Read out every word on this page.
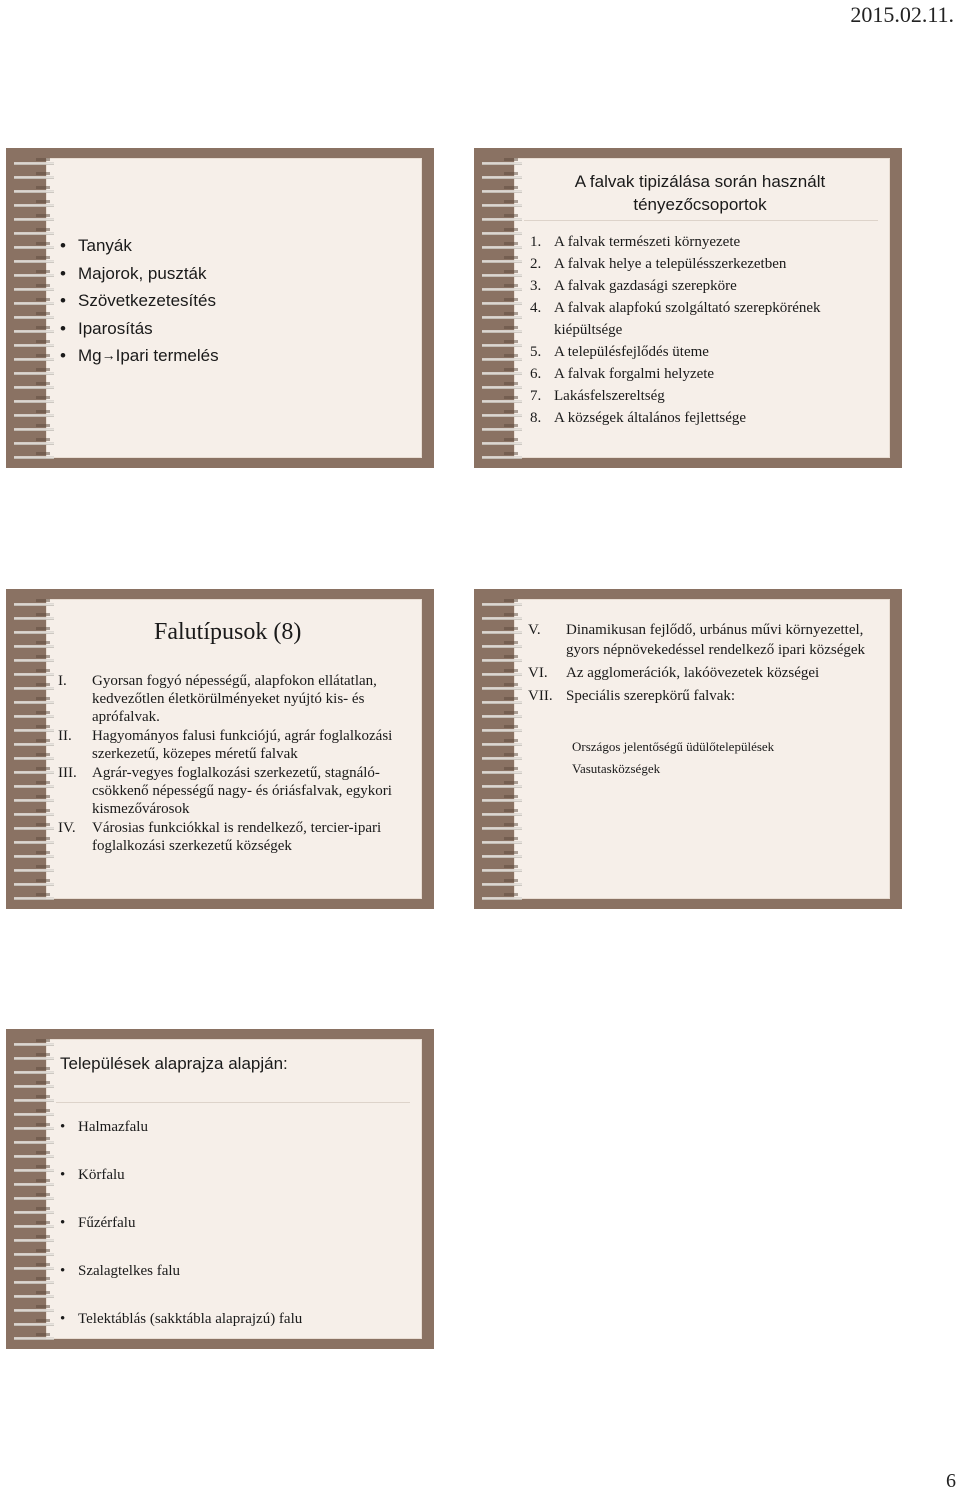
2015.02.11.
• Tanyák
• Majorok, puszták
• Szövetkezetesítés
• Iparosítás
• Mg→Ipari termelés
A falvak tipizálása során használt
tényezőcsoportok
1. A falvak természeti környezete
2. A falvak helye a településszerkezetben
3. A falvak gazdasági szerepköre
4. A falvak alapfokú szolgáltató szerepkörének kiépültsége
5. A településfejlődés üteme
6. A falvak forgalmi helyzete
7. Lakásfelszereltség
8. A községek általános fejlettsége
Falutípusok (8)
I.	Gyorsan fogyó népességű, alapfokon ellátatlan, kedvezőtlen életkörülményeket nyújtó kis- és aprófalvak.
II.	Hagyományos falusi funkciójú, agrár foglalkozási szerkezetű, közepes méretű falvak
III.	Agrár-vegyes foglalkozási szerkezetű, stagnáló-csökkenő népességű nagy- és óriásfalvak, egykori kismezővárosok
IV.	Városias funkciókkal is rendelkező, tercier-ipari foglalkozási szerkezetű községek
V.	Dinamikusan fejlődő, urbánus művi környezettel, gyors népnövekedéssel rendelkező ipari községek
VI.	Az agglomerációk, lakóövezetek községei
VII. Speciális szerepkörű falvak:
Országos jelentőségű üdülőtelepülések
Vasutasközségek
Települések alaprajza alapján:
• Halmazfalu
• Körfalu
• Fűzérfalu
• Szalagtelkes falu
• Telektáblás (sakktábla alaprajzú) falu
6
